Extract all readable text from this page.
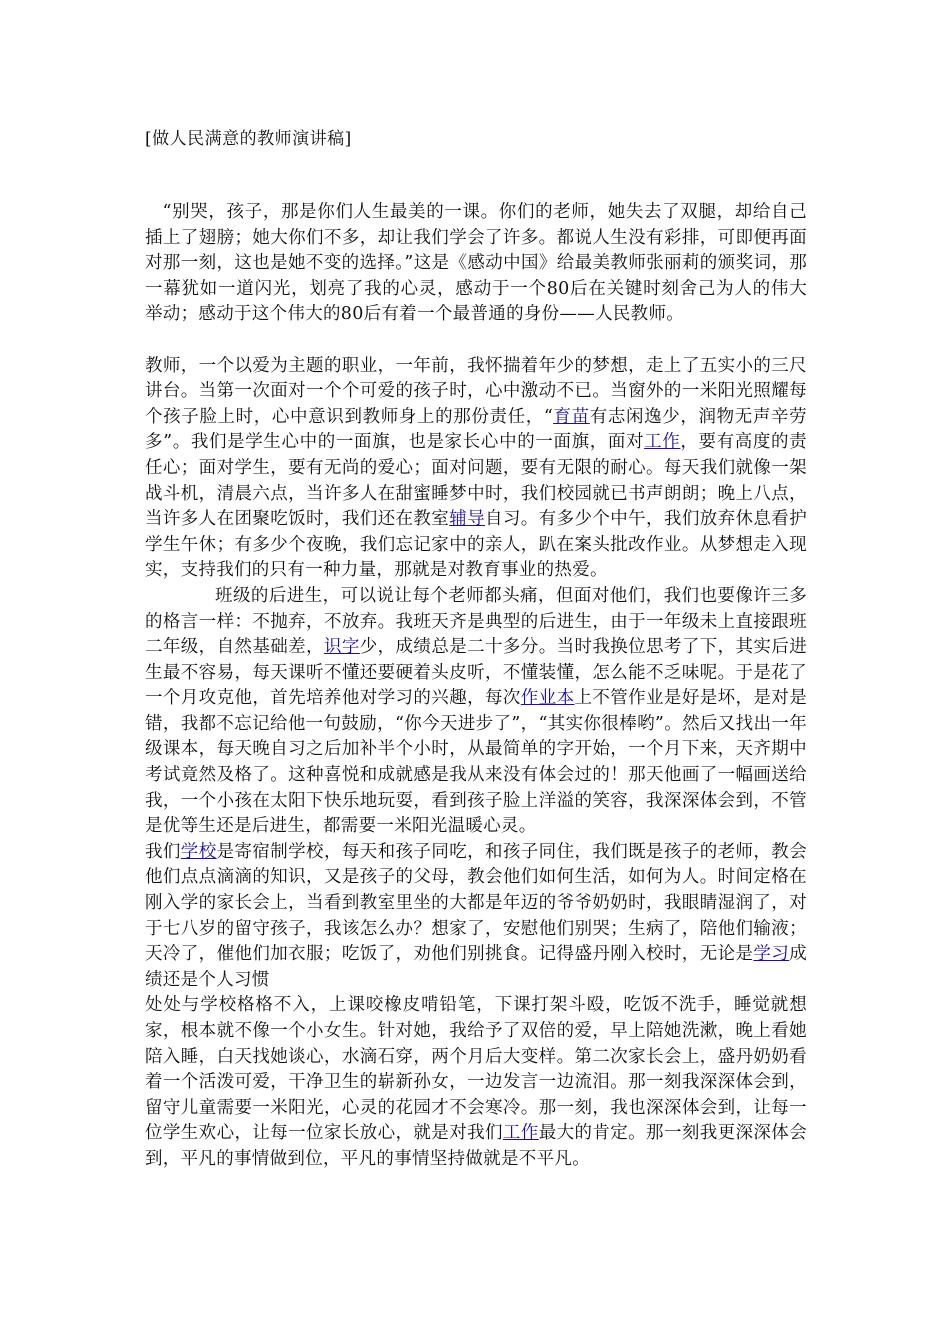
[做人民满意的教师演讲稿]

“别哭，孩子，那是你们人生最美的一课。你们的老师，她失去了双腿，却给自己插上了翅膀；她大你们不多，却让我们学会了许多。都说人生没有彩排，可即便再面对那一刻，这也是她不变的选择。”这是《感动中国》给最美教师张丽莉的颁奖词，那一幕犹如一道闪光，划亮了我的心灵，感动于一个80后在关键时刻舍己为人的伟大举动；感动于这个伟大的80后有着一个最普通的身份——人民教师。

教师，一个以爱为主题的职业，一年前，我怀揣着年少的梦想，走上了五实小的三尺讲台。当第一次面对一个个可爱的孩子时，心中激动不已。当窗外的一米阳光照耀每个孩子脸上时，心中意识到教师身上的那份责任，“育苗有志闲逸少，润物无声辛劳多”。我们是学生心中的一面旗，也是家长心中的一面旗，面对工作，要有高度的责任心；面对学生，要有无尚的爱心；面对问题，要有无限的耐心。每天我们就像一架战斗机，清晨六点，当许多人在甜蜜睡梦中时，我们校园就已书声朗朗；晚上八点，当许多人在团聚吃饭时，我们还在教室辅导自习。有多少个中午，我们放弃休息看护学生午休；有多少个夜晚，我们忘记家中的亲人，趴在案头批改作业。从梦想走入现实，支持我们的只有一种力量，那就是对教育事业的热爱。

班级的后进生，可以说让每个老师都头痛，但面对他们，我们也要像许三多的格言一样：不抛弃，不放弃。我班天齐是典型的后进生，由于一年级未上直接跟班二年级，自然基础差，识字少，成绩总是二十多分。当时我换位思考了下，其实后进生最不容易，每天课听不懂还要硬着头皮听，不懂装懂，怎么能不乏味呢。于是花了一个月攻克他，首先培养他对学习的兴趣，每次作业本上不管作业是好是坏，是对是错，我都不忘记给他一句鼓励，“你今天进步了”，“其实你很棒哟”。然后又找出一年级课本，每天晚自习之后加补半个小时，从最简单的字开始，一个月下来，天齐期中考试竟然及格了。这种喜悦和成就感是我从来没有体会过的！那天他画了一幅画送给我，一个小孩在太阳下快乐地玩耍，看到孩子脸上洋溢的笑容，我深深体会到，不管是优等生还是后进生，都需要一米阳光温暖心灵。

我们学校是寄宿制学校，每天和孩子同吃，和孩子同住，我们既是孩子的老师，教会他们点点滴滴的知识，又是孩子的父母，教会他们如何生活，如何为人。时间定格在刚入学的家长会上，当看到教室里坐的大都是年迈的爷爷奶奶时，我眼睛湿润了，对于七八岁的留守孩子，我该怎么办？想家了，安慰他们别哭；生病了，陪他们输液；天冷了，催他们加衣服；吃饭了，劝他们别挑食。记得盛丹刚入校时，无论是学习成绩还是个人习惯

处处与学校格格不入，上课咬橡皮啃铅笔，下课打架斗殴，吃饭不洗手，睡觉就想家，根本就不像一个小女生。针对她，我给予了双倍的爱，早上陪她洗漱，晚上看她陪入睡，白天找她谈心，水滴石穿，两个月后大变样。第二次家长会上，盛丹奶奶看着一个活泼可爱，干净卫生的崭新孙女，一边发言一边流泪。那一刻我深深体会到，留守儿童需要一米阳光，心灵的花园才不会寒冷。那一刻，我也深深体会到，让每一位学生欢心，让每一位家长放心，就是对我们工作最大的肯定。那一刻我更深深体会到，平凡的事情做到位，平凡的事情坚持做就是不平凡。
